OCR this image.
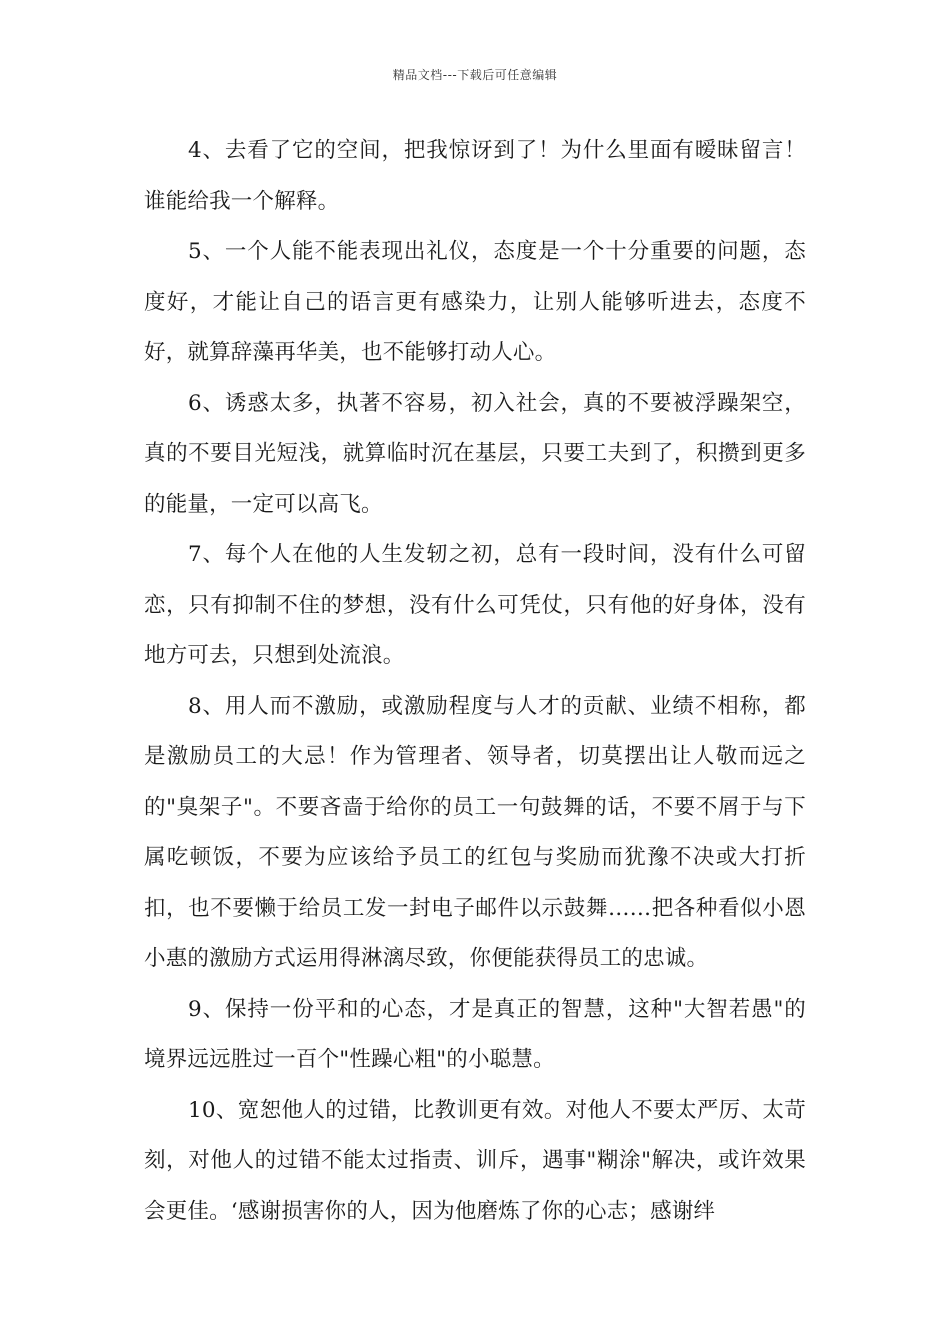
精品文档---下载后可任意编辑

4、去看了它的空间，把我惊讶到了！为什么里面有暧昧留言！谁能给我一个解释。

5、一个人能不能表现出礼仪，态度是一个十分重要的问题，态度好，才能让自己的语言更有感染力，让别人能够听进去，态度不好，就算辞藻再华美，也不能够打动人心。

6、诱惑太多，执著不容易，初入社会，真的不要被浮躁架空，真的不要目光短浅，就算临时沉在基层，只要工夫到了，积攒到更多的能量，一定可以高飞。

7、每个人在他的人生发轫之初，总有一段时间，没有什么可留恋，只有抑制不住的梦想，没有什么可凭仗，只有他的好身体，没有地方可去，只想到处流浪。

8、用人而不激励，或激励程度与人才的贡献、业绩不相称，都是激励员工的大忌！作为管理者、领导者，切莫摆出让人敬而远之的"臭架子"。不要吝啬于给你的员工一句鼓舞的话，不要不屑于与下属吃顿饭，不要为应该给予员工的红包与奖励而犹豫不决或大打折扣，也不要懒于给员工发一封电子邮件以示鼓舞……把各种看似小恩小惠的激励方式运用得淋漓尽致，你便能获得员工的忠诚。

9、保持一份平和的心态，才是真正的智慧，这种"大智若愚"的境界远远胜过一百个"性躁心粗"的小聪慧。

10、宽恕他人的过错，比教训更有效。对他人不要太严厉、太苛刻，对他人的过错不能太过指责、训斥，遇事"糊涂"解决，或许效果会更佳。‘感谢损害你的人，因为他磨炼了你的心志；感谢绊
